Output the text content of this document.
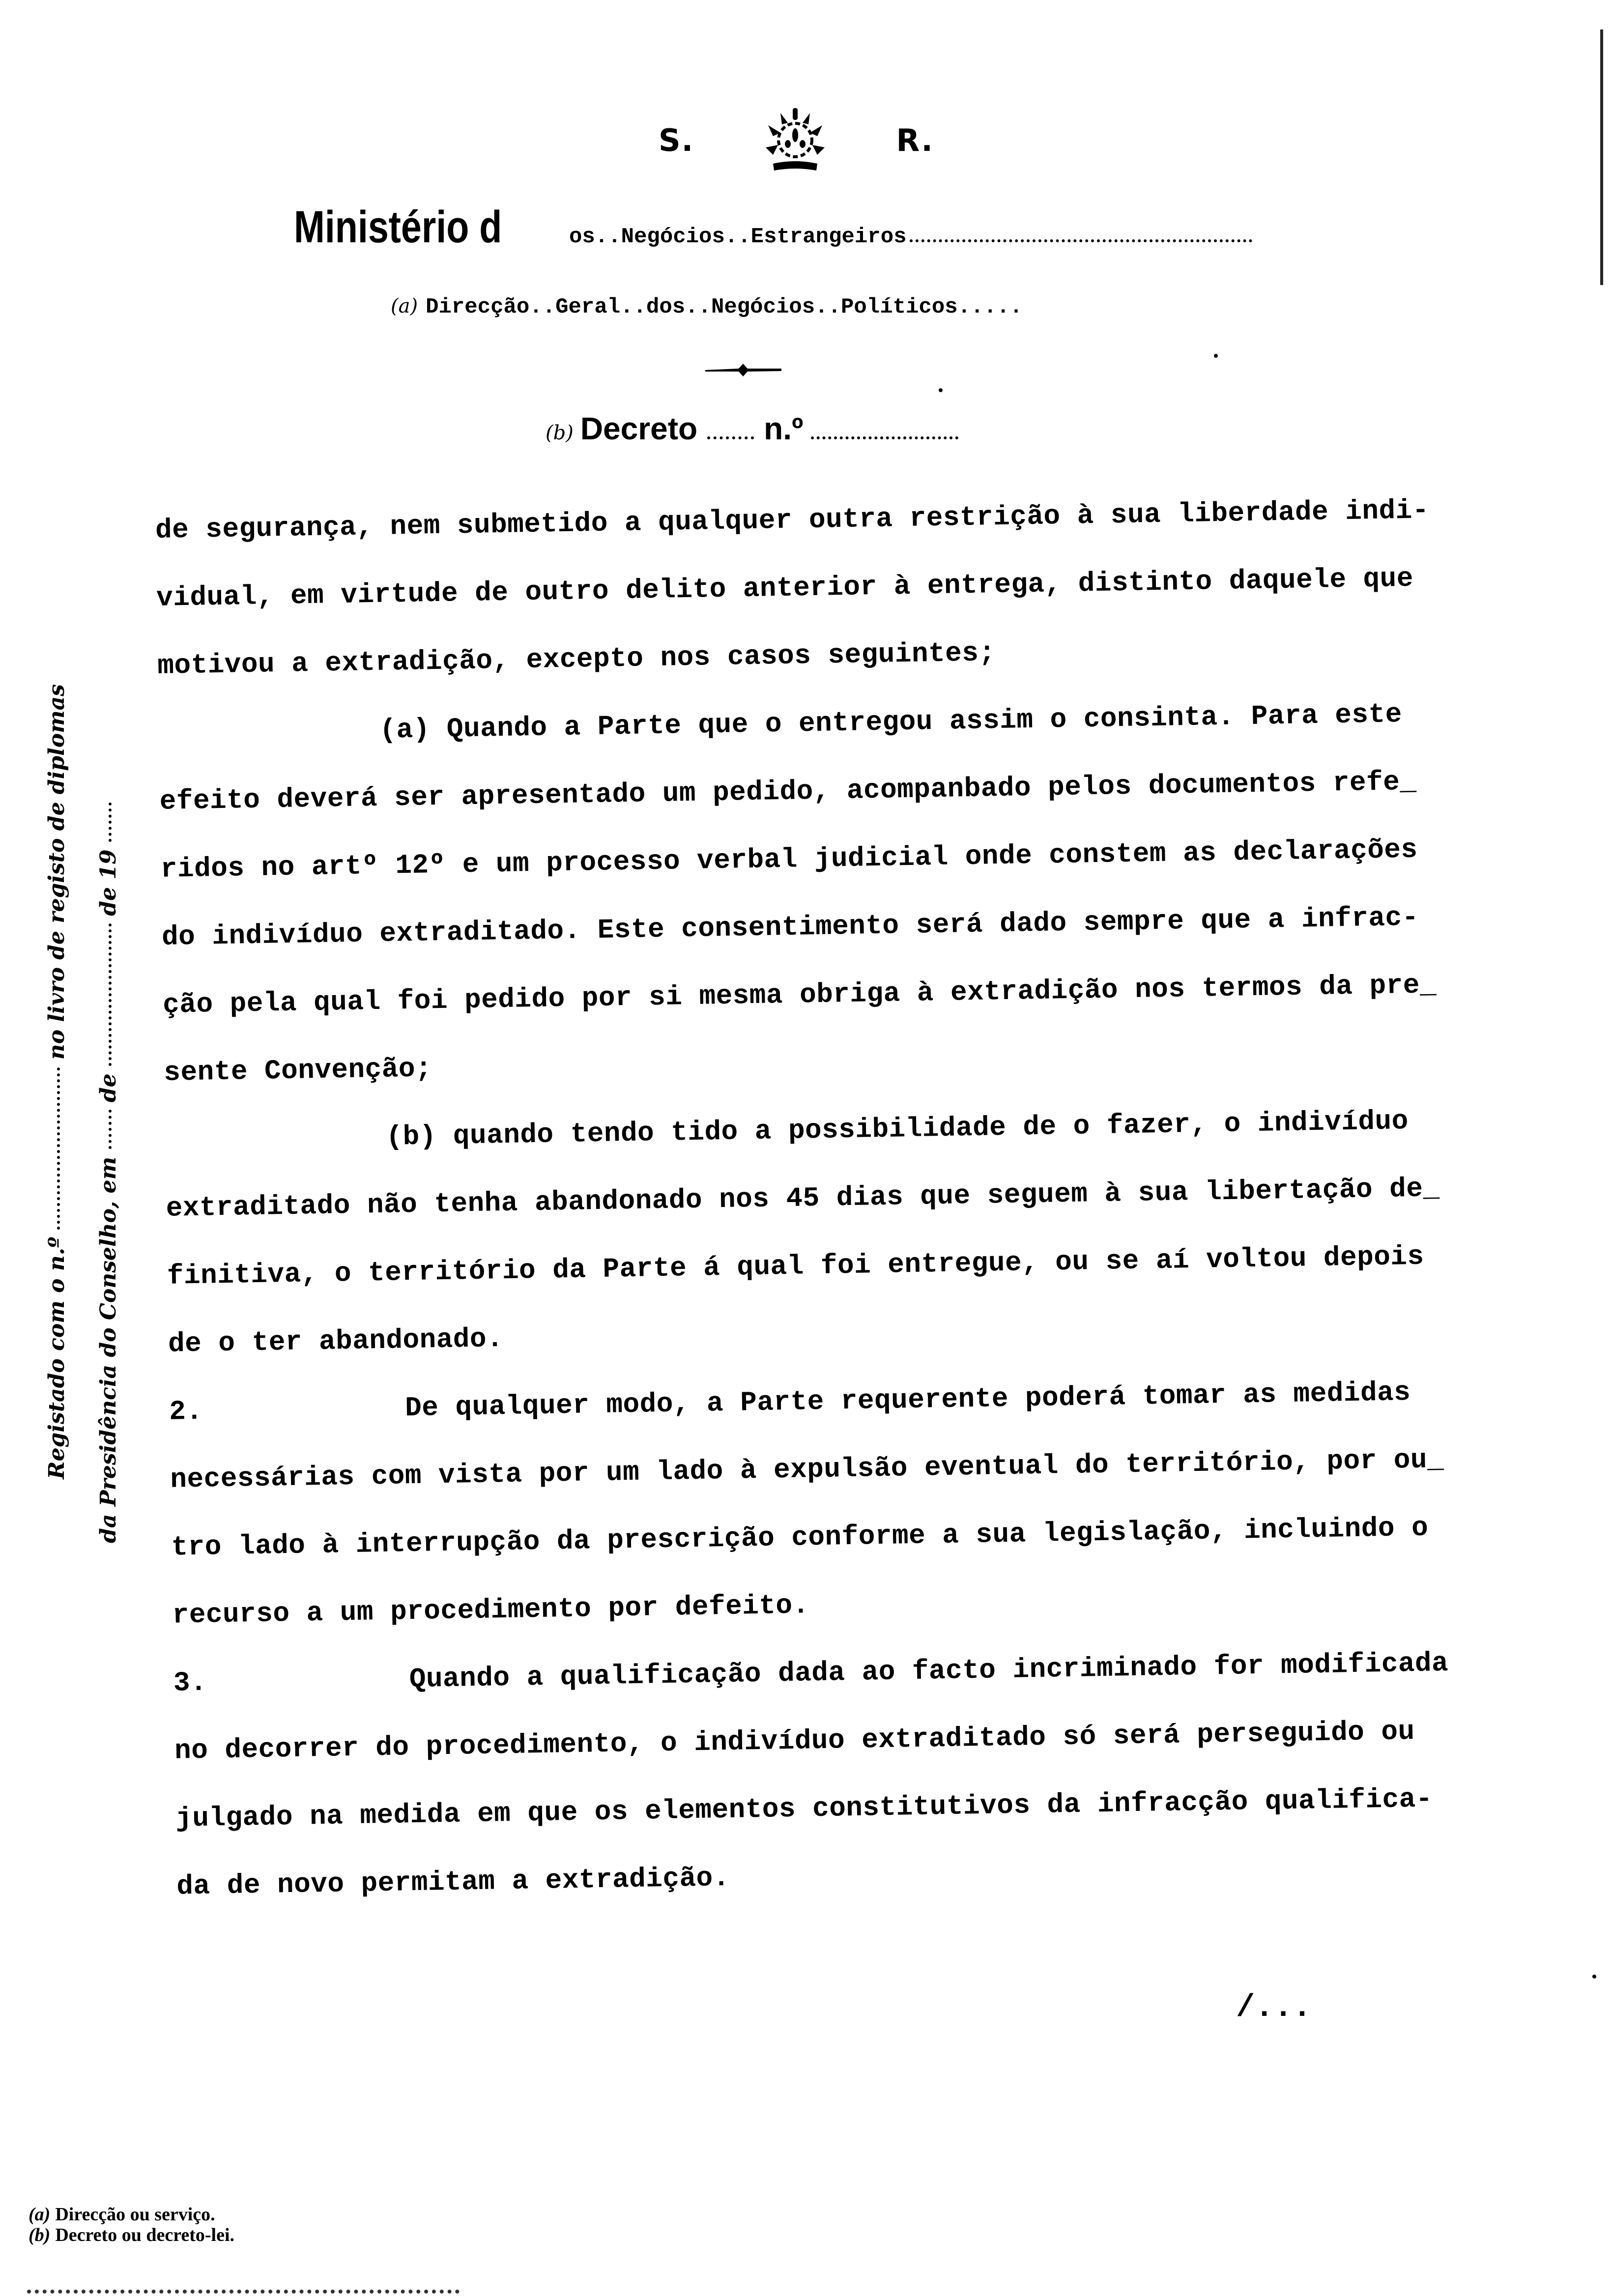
S.	R.
Ministério d	os..Negócios..Estrangeiros
(a) Direcção..Geral..dos..Negócios..Políticos.....
(b) Decreto n.º
de segurança, nem submetido a qualquer outra restrição à sua liberdade indi-
vidual, em virtude de outro delito anterior à entrega, distinto daquele que
motivou a extradição, excepto nos casos seguintes;
(a) Quando a Parte que o entregou assim o consinta. Para este
efeito deverá ser apresentado um pedido, acompanbado pelos documentos refe_
ridos no artº 12º e um processo verbal judicial onde constem as declarações
do indivíduo extraditado. Este consentimento será dado sempre que a infrac-
ção pela qual foi pedido por si mesma obriga à extradição nos termos da pre_
sente Convenção;
(b) quando tendo tido a possibilidade de o fazer, o indivíduo
extraditado não tenha abandonado nos 45 dias que seguem à sua libertação de_
finitiva, o território da Parte á qual foi entregue, ou se aí voltou depois
de o ter abandonado.
2.	De qualquer modo, a Parte requerente poderá tomar as medidas
necessárias com vista por um lado à expulsão eventual do território, por ou_
tro lado à interrupção da prescrição conforme a sua legislação, incluindo o
recurso a um procedimento por defeito.
3.	Quando a qualificação dada ao facto incriminado for modificada
no decorrer do procedimento, o indivíduo extraditado só será perseguido ou
julgado na medida em que os elementos constitutivos da infracção qualifica-
da de novo permitam a extradição.
/...
Registado com o n.º  no livro de registo de diplomas
da Presidência do Conselho, em  de  de 19
(a) Direcção ou serviço.
(b) Decreto ou decreto-lei.
